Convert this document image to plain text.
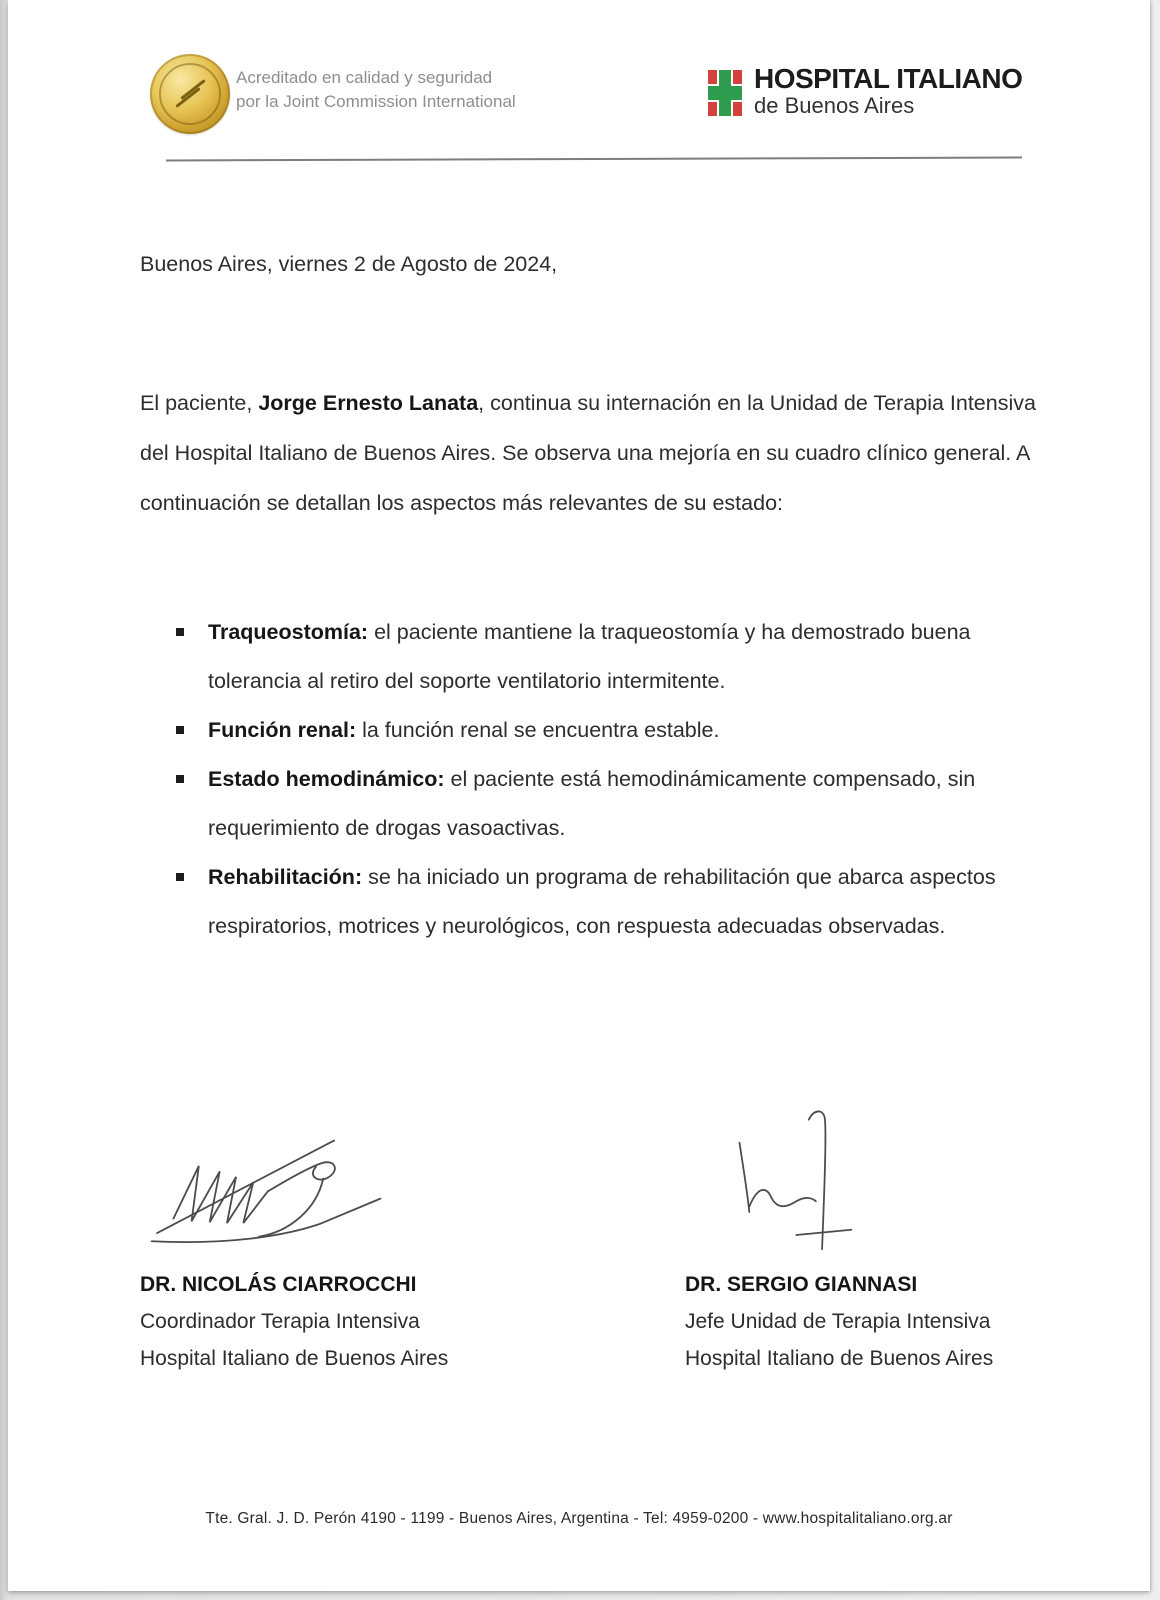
Acreditado en calidad y seguridad
por la Joint Commission International
HOSPITAL ITALIANO
de Buenos Aires
Buenos Aires, viernes 2 de Agosto de 2024,

El paciente, Jorge Ernesto Lanata, continua su internación en la Unidad de Terapia Intensiva del Hospital Italiano de Buenos Aires. Se observa una mejoría en su cuadro clínico general. A continuación se detallan los aspectos más relevantes de su estado:

Traqueostomía: el paciente mantiene la traqueostomía y ha demostrado buena tolerancia al retiro del soporte ventilatorio intermitente.
Función renal: la función renal se encuentra estable.
Estado hemodinámico: el paciente está hemodinámicamente compensado, sin requerimiento de drogas vasoactivas.
Rehabilitación: se ha iniciado un programa de rehabilitación que abarca aspectos respiratorios, motrices y neurológicos, con respuesta adecuadas observadas.
DR. NICOLÁS CIARROCCHI
Coordinador Terapia Intensiva
Hospital Italiano de Buenos Aires
DR. SERGIO GIANNASI
Jefe Unidad de Terapia Intensiva
Hospital Italiano de Buenos Aires
Tte. Gral. J. D. Perón 4190 - 1199 - Buenos Aires, Argentina - Tel: 4959-0200 - www.hospitalitaliano.org.ar
